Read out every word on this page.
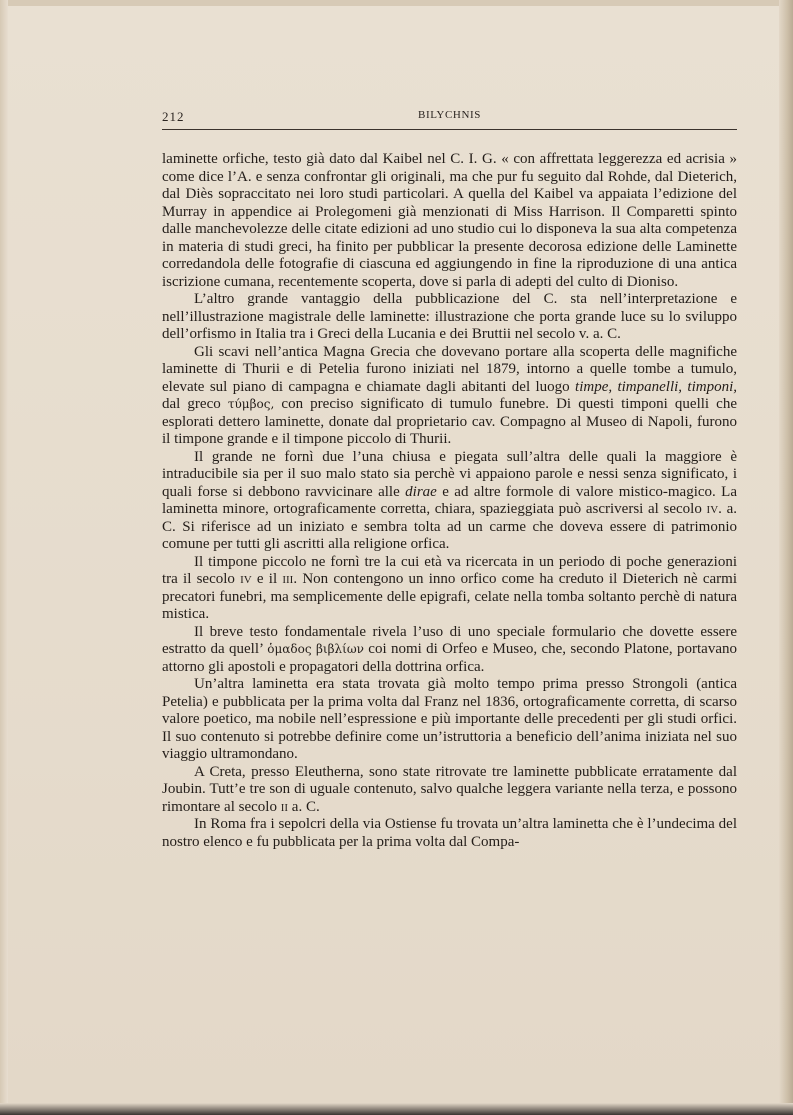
212	BILYCHNIS

laminette orfiche, testo già dato dal Kaibel nel C. I. G. « con affrettata leggerezza ed acrisia » come dice l’A. e senza confrontar gli originali, ma che pur fu seguito dal Rohde, dal Dieterich, dal Diès sopraccitato nei loro studi particolari. A quella del Kaibel va appaiata l’edizione del Murray in appendice ai Prolegomeni già menzionati di Miss Harrison. Il Comparetti spinto dalle manchevolezze delle citate edizioni ad uno studio cui lo disponeva la sua alta competenza in materia di studi greci, ha finito per pubblicar la presente decorosa edizione delle Laminette corredandola delle fotografie di ciascuna ed aggiungendo in fine la riproduzione di una antica iscrizione cumana, recentemente scoperta, dove si parla di adepti del culto di Dioniso.

L’altro grande vantaggio della pubblicazione del C. sta nell’interpretazione e nell’illustrazione magistrale delle laminette: illustrazione che porta grande luce su lo sviluppo dell’orfismo in Italia tra i Greci della Lucania e dei Bruttii nel secolo v. a. C.

Gli scavi nell’antica Magna Grecia che dovevano portare alla scoperta delle magnifiche laminette di Thurii e di Petelia furono iniziati nel 1879, intorno a quelle tombe a tumulo, elevate sul piano di campagna e chiamate dagli abitanti del luogo timpe, timpanelli, timponi, dal greco τύμβος, con preciso significato di tumulo funebre. Di questi timponi quelli che esplorati dettero laminette, donate dal proprietario cav. Compagno al Museo di Napoli, furono il timpone grande e il timpone piccolo di Thurii.

Il grande ne fornì due l’una chiusa e piegata sull’altra delle quali la maggiore è intraducibile sia per il suo malo stato sia perchè vi appaiono parole e nessi senza significato, i quali forse si debbono ravvicinare alle dirae e ad altre formole di valore mistico-magico. La laminetta minore, ortograficamente corretta, chiara, spazieggiata può ascriversi al secolo iv. a. C. Si riferisce ad un iniziato e sembra tolta ad un carme che doveva essere di patrimonio comune per tutti gli ascritti alla religione orfica.

Il timpone piccolo ne fornì tre la cui età va ricercata in un periodo di poche generazioni tra il secolo iv e il iii. Non contengono un inno orfico come ha creduto il Dieterich nè carmi precatori funebri, ma semplicemente delle epigrafi, celate nella tomba soltanto perchè di natura mistica.

Il breve testo fondamentale rivela l’uso di uno speciale formulario che dovette essere estratto da quell’ ὁμαδος βιβλίων coi nomi di Orfeo e Museo, che, secondo Platone, portavano attorno gli apostoli e propagatori della dottrina orfica.

Un’altra laminetta era stata trovata già molto tempo prima presso Strongoli (antica Petelia) e pubblicata per la prima volta dal Franz nel 1836, ortograficamente corretta, di scarso valore poetico, ma nobile nell’espressione e più importante delle precedenti per gli studi orfici. Il suo contenuto si potrebbe definire come un’istruttoria a beneficio dell’anima iniziata nel suo viaggio ultramondano.

A Creta, presso Eleutherna, sono state ritrovate tre laminette pubblicate erratamente dal Joubin. Tutt’e tre son di uguale contenuto, salvo qualche leggera variante nella terza, e possono rimontare al secolo ii a. C.

In Roma fra i sepolcri della via Ostiense fu trovata un’altra laminetta che è l’undecima del nostro elenco e fu pubblicata per la prima volta dal Compa-
